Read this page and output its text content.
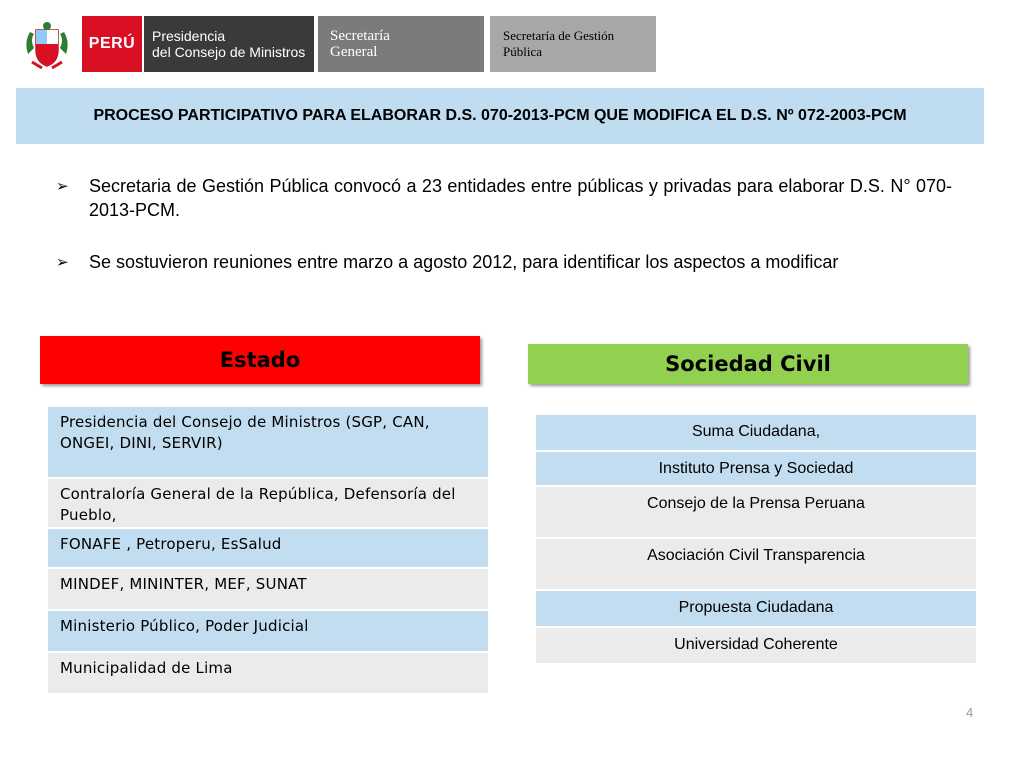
PERÚ	Presidencia
del Consejo de Ministros
Secretaría
General
Secretaría de Gestión
Pública
PROCESO PARTICIPATIVO PARA ELABORAR D.S. 070-2013-PCM QUE MODIFICA EL D.S. Nº 072-2003-PCM
➢	Secretaria de Gestión Pública convocó a 23 entidades entre públicas y privadas para elaborar D.S. N° 070-2013-PCM.
➢	Se sostuvieron reuniones entre marzo a agosto 2012, para identificar los aspectos a modificar
Estado	Sociedad Civil
Presidencia del Consejo de Ministros (SGP, CAN, ONGEI, DINI, SERVIR)
Contraloría General de la República, Defensoría del Pueblo,
FONAFE , Petroperu, EsSalud
MINDEF, MININTER, MEF, SUNAT
Ministerio Público, Poder Judicial
Municipalidad de Lima
Suma Ciudadana,
Instituto Prensa y Sociedad
Consejo de la Prensa Peruana
Asociación Civil Transparencia
Propuesta Ciudadana
Universidad Coherente
4
